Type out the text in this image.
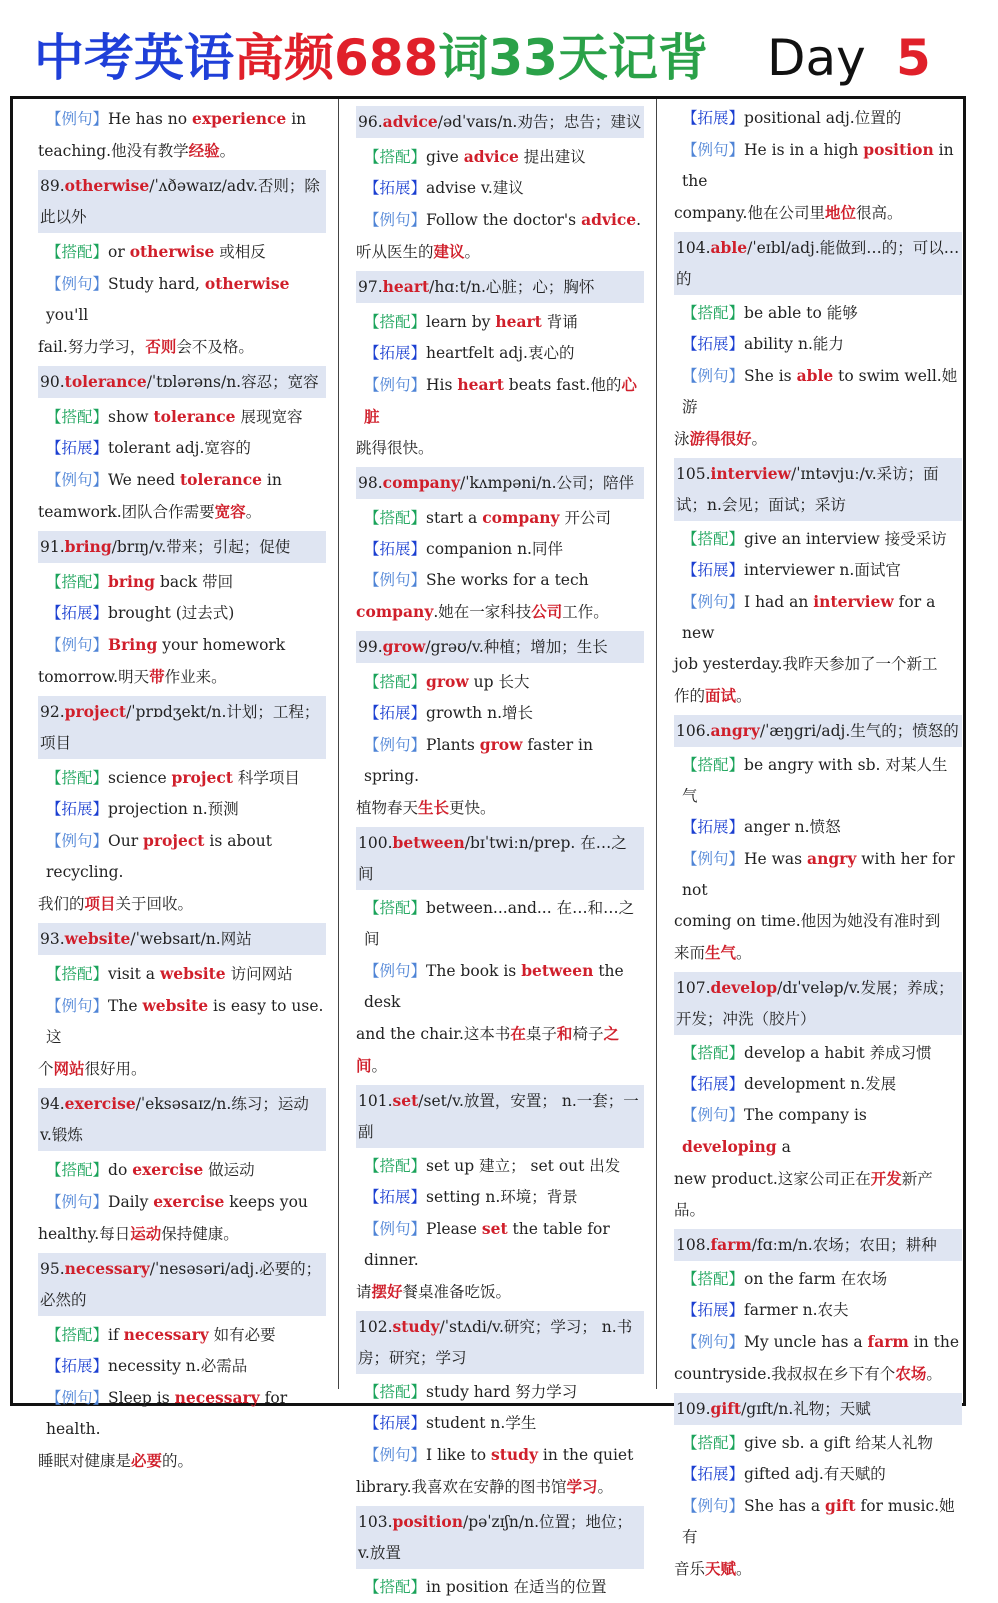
中考英语高频688词33天记背 Day 5

【例句】He has no experience in

teaching.他没有教学经验。

89.otherwise/ˈʌðəwaɪz/adv.否则；除此以外

【搭配】or otherwise 或相反

【例句】Study hard, otherwise you'll

fail.努力学习，否则会不及格。

90.tolerance/ˈtɒlərəns/n.容忍；宽容

【搭配】show tolerance 展现宽容

【拓展】tolerant adj.宽容的

【例句】We need tolerance in

teamwork.团队合作需要宽容。

91.bring/brɪŋ/v.带来；引起；促使

【搭配】bring back 带回

【拓展】brought (过去式)

【例句】Bring your homework

tomorrow.明天带作业来。

92.project/ˈprɒdʒekt/n.计划；工程；项目

【搭配】science project 科学项目

【拓展】projection n.预测

【例句】Our project is about recycling.

我们的项目关于回收。

93.website/ˈwebsaɪt/n.网站

【搭配】visit a website 访问网站

【例句】The website is easy to use.这

个网站很好用。

94.exercise/ˈeksəsaɪz/n.练习；运动 v.锻炼

【搭配】do exercise 做运动

【例句】Daily exercise keeps you

healthy.每日运动保持健康。

95.necessary/ˈnesəsəri/adj.必要的；必然的

【搭配】if necessary 如有必要

【拓展】necessity n.必需品

【例句】Sleep is necessary for health.

睡眠对健康是必要的。

96.advice/ədˈvaɪs/n.劝告；忠告；建议

【搭配】give advice 提出建议

【拓展】advise v.建议

【例句】Follow the doctor's advice.

听从医生的建议。

97.heart/hɑːt/n.心脏；心；胸怀

【搭配】learn by heart 背诵

【拓展】heartfelt adj.衷心的

【例句】His heart beats fast.他的心脏

跳得很快。

98.company/ˈkʌmpəni/n.公司；陪伴

【搭配】start a company 开公司

【拓展】companion n.同伴

【例句】She works for a tech

company.她在一家科技公司工作。

99.grow/grəʊ/v.种植；增加；生长

【搭配】grow up 长大

【拓展】growth n.增长

【例句】Plants grow faster in spring.

植物春天生长更快。

100.between/bɪˈtwiːn/prep. 在…之间

【搭配】between...and... 在…和…之间

【例句】The book is between the desk

and the chair.这本书在桌子和椅子之

间。

101.set/set/v.放置，安置； n.一套；一副

【搭配】set up 建立； set out 出发

【拓展】setting n.环境；背景

【例句】Please set the table for dinner.

请摆好餐桌准备吃饭。

102.study/ˈstʌdi/v.研究；学习； n.书房；研究；学习

【搭配】study hard 努力学习

【拓展】student n.学生

【例句】I like to study in the quiet

library.我喜欢在安静的图书馆学习。

103.position/pəˈzɪʃn/n.位置；地位； v.放置

【搭配】in position 在适当的位置

【拓展】positional adj.位置的

【例句】He is in a high position in the

company.他在公司里地位很高。

104.able/ˈeɪbl/adj.能做到…的；可以…的

【搭配】be able to 能够

【拓展】ability n.能力

【例句】She is able to swim well.她游

泳游得很好。

105.interview/ˈɪntəvjuː/v.采访；面试；n.会见；面试；采访

【搭配】give an interview 接受采访

【拓展】interviewer n.面试官

【例句】I had an interview for a new

job yesterday.我昨天参加了一个新工

作的面试。

106.angry/ˈæŋgri/adj.生气的；愤怒的

【搭配】be angry with sb. 对某人生气

【拓展】anger n.愤怒

【例句】He was angry with her for not

coming on time.他因为她没有准时到

来而生气。

107.develop/dɪˈveləp/v.发展；养成；开发；冲洗（胶片）

【搭配】develop a habit 养成习惯

【拓展】development n.发展

【例句】The company is developing a

new product.这家公司正在开发新产

品。

108.farm/fɑːm/n.农场；农田；耕种

【搭配】on the farm 在农场

【拓展】farmer n.农夫

【例句】My uncle has a farm in the

countryside.我叔叔在乡下有个农场。

109.gift/gɪft/n.礼物；天赋

【搭配】give sb. a gift 给某人礼物

【拓展】gifted adj.有天赋的

【例句】She has a gift for music.她有

音乐天赋。
